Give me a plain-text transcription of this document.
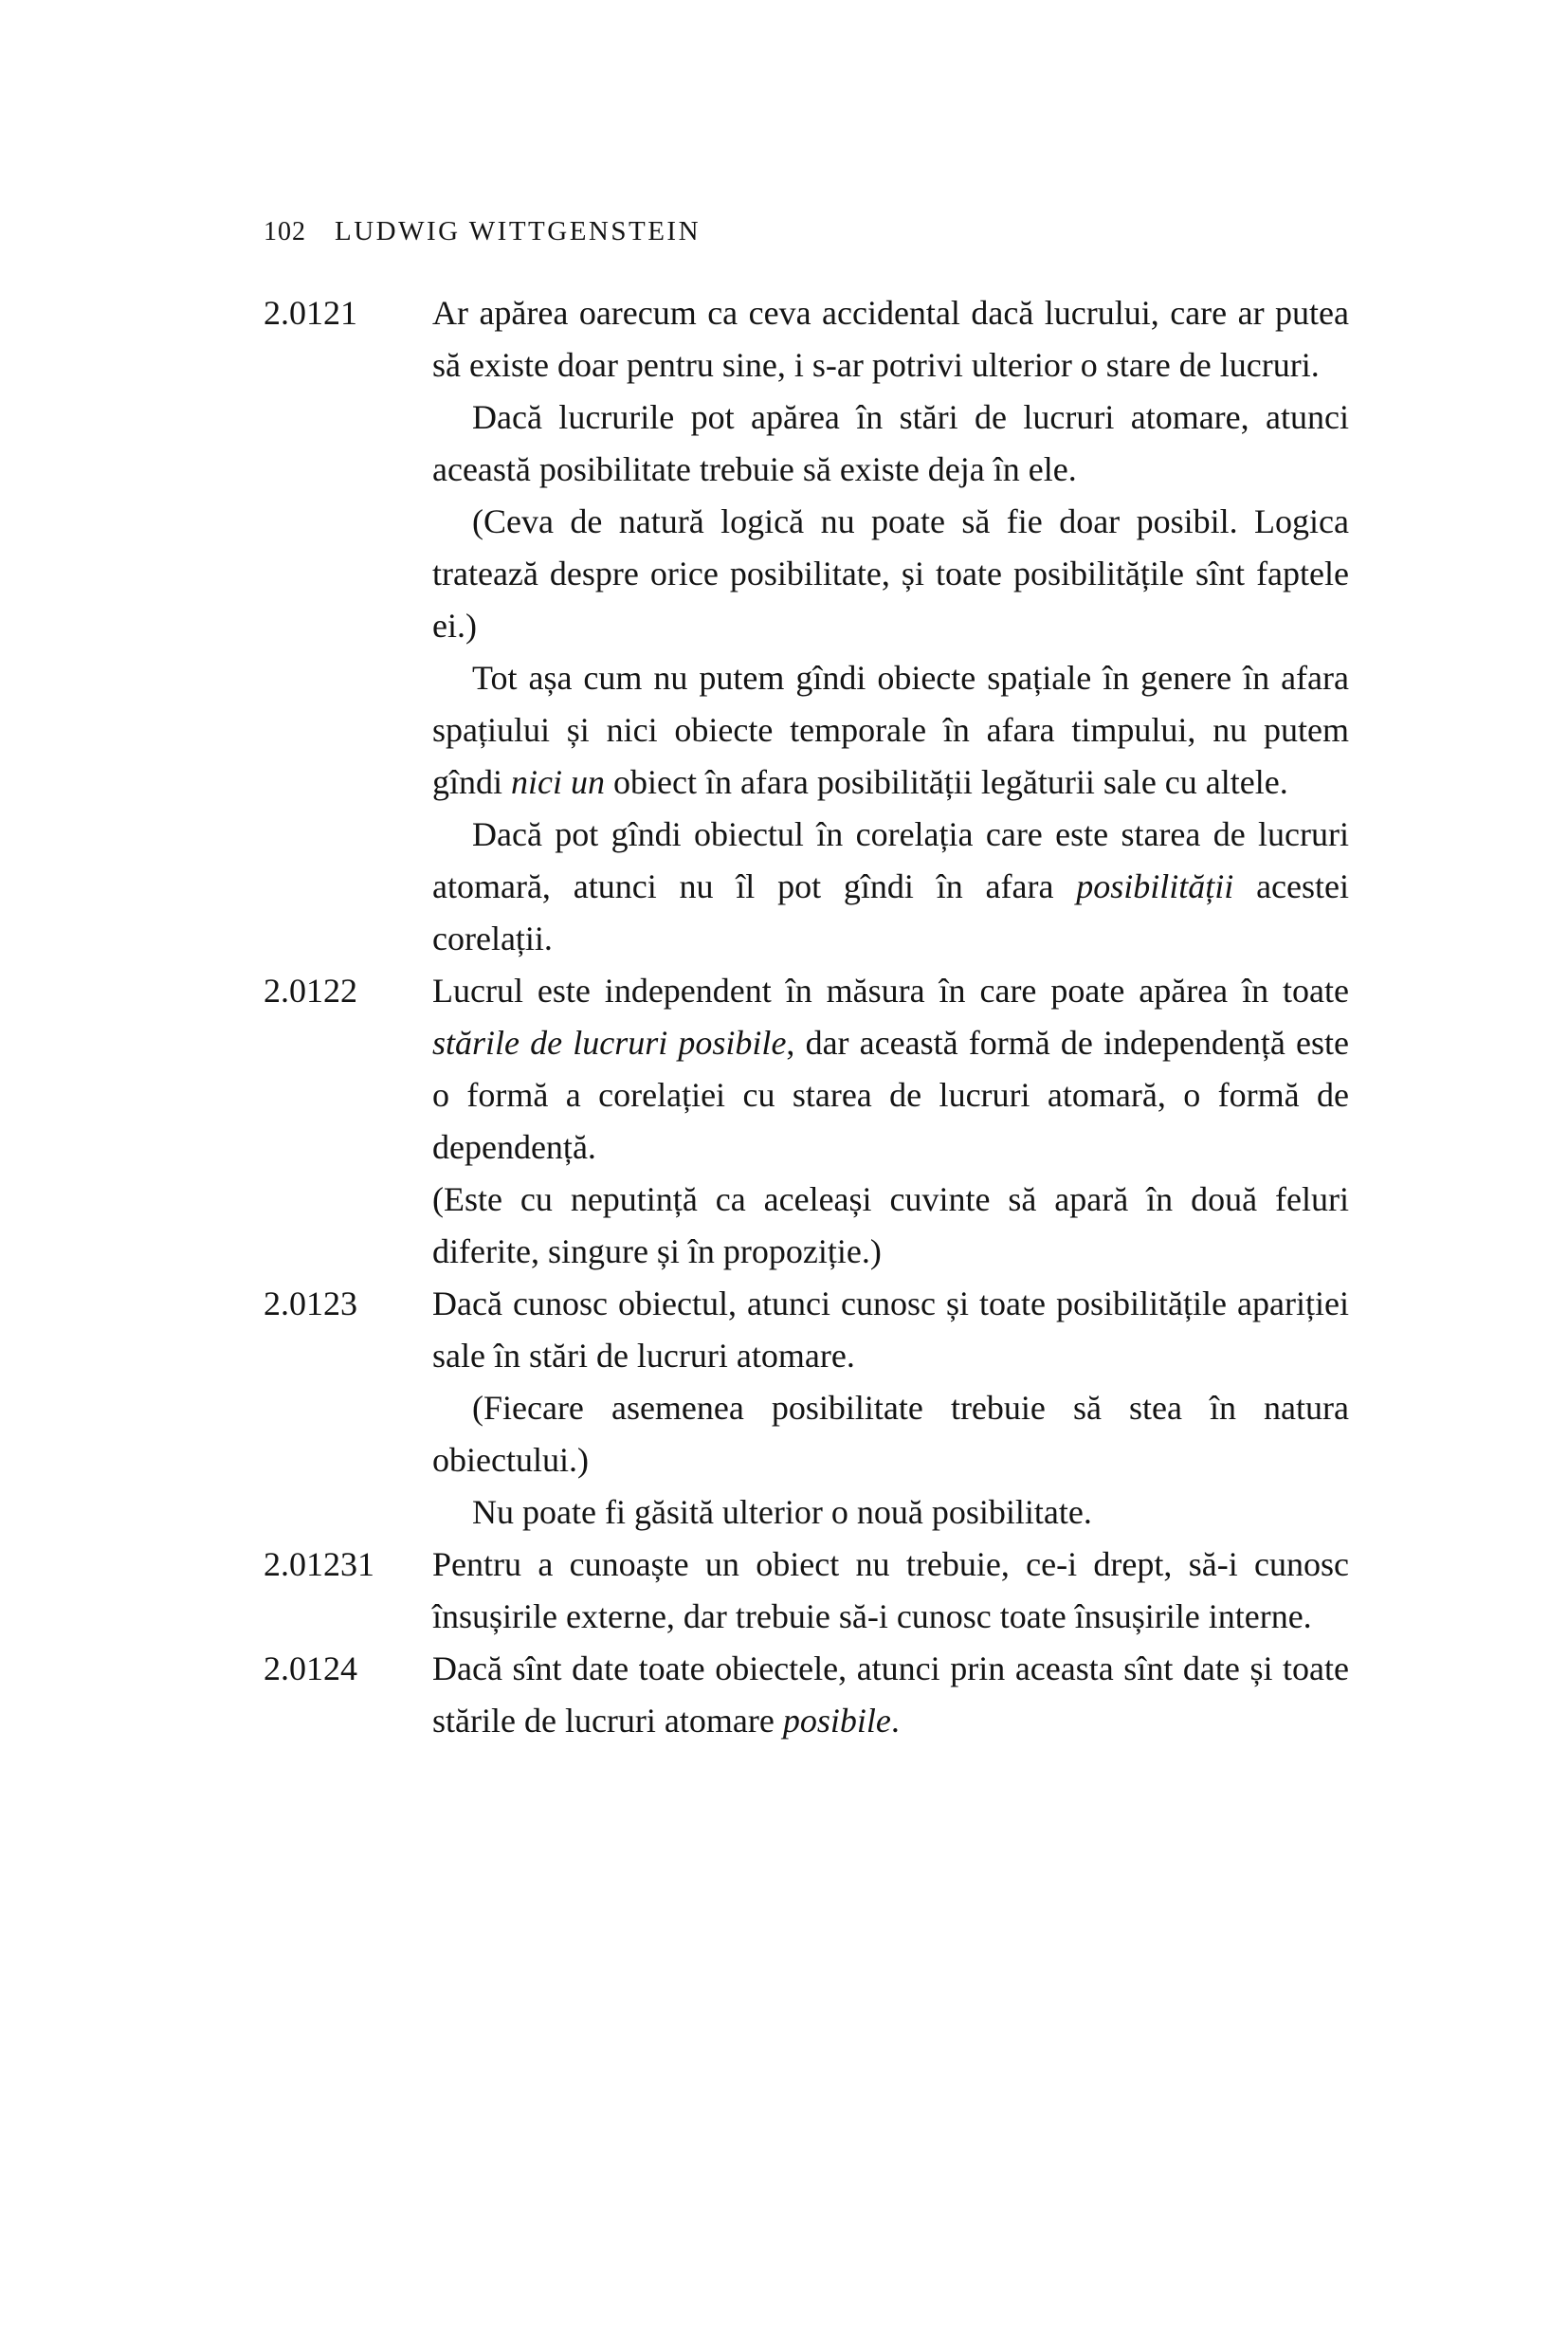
102 LUDWIG WITTGENSTEIN
2.0121	Ar apărea oarecum ca ceva accidental dacă lucrului, care ar putea să existe doar pentru sine, i s-ar potrivi ulterior o stare de lucruri.

Dacă lucrurile pot apărea în stări de lucruri atomare, atunci această posibilitate trebuie să existe deja în ele.

(Ceva de natură logică nu poate să fie doar posibil. Logica tratează despre orice posibilitate, și toate posibilitățile sînt faptele ei.)

Tot așa cum nu putem gîndi obiecte spațiale în genere în afara spațiului și nici obiecte temporale în afara timpului, nu putem gîndi nici un obiect în afara posibilității legăturii sale cu altele.

Dacă pot gîndi obiectul în corelația care este starea de lucruri atomară, atunci nu îl pot gîndi în afara posibilității acestei corelații.

2.0122	Lucrul este independent în măsura în care poate apărea în toate stările de lucruri posibile, dar această formă de independență este o formă a corelației cu starea de lucruri atomară, o formă de dependență.

(Este cu neputință ca aceleași cuvinte să apară în două feluri diferite, singure și în propoziție.)

2.0123	Dacă cunosc obiectul, atunci cunosc și toate posibilitățile apariției sale în stări de lucruri atomare.

(Fiecare asemenea posibilitate trebuie să stea în natura obiectului.)

Nu poate fi găsită ulterior o nouă posibilitate.

2.01231	Pentru a cunoaște un obiect nu trebuie, ce-i drept, să-i cunosc însușirile externe, dar trebuie să-i cunosc toate însușirile interne.

2.0124	Dacă sînt date toate obiectele, atunci prin aceasta sînt date și toate stările de lucruri atomare posibile.
